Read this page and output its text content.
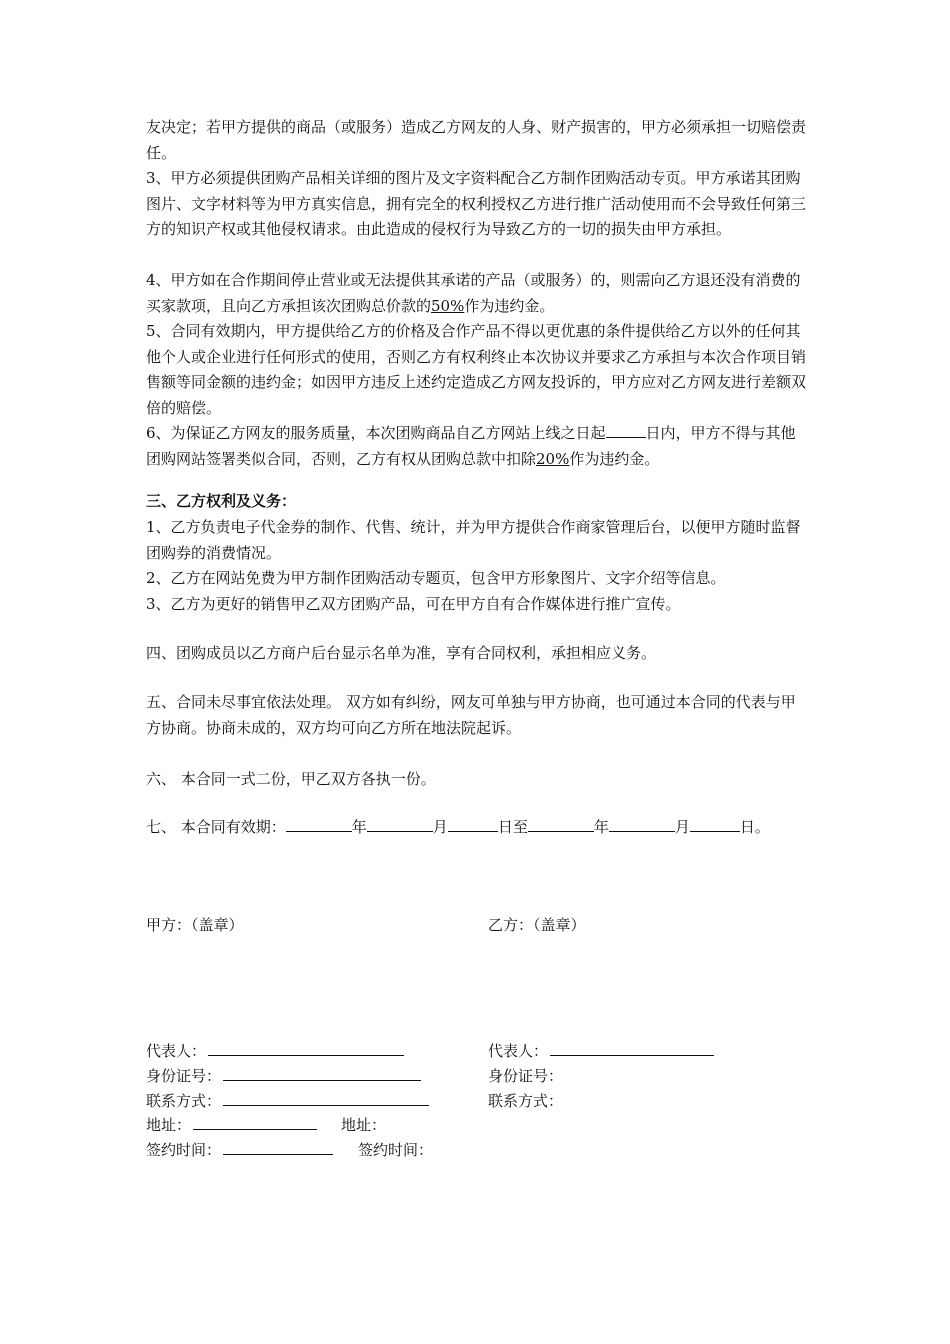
友决定；若甲方提供的商品（或服务）造成乙方网友的人身、财产损害的，甲方必须承担一切赔偿责任。

3、甲方必须提供团购产品相关详细的图片及文字资料配合乙方制作团购活动专页。甲方承诺其团购图片、文字材料等为甲方真实信息，拥有完全的权利授权乙方进行推广活动使用而不会导致任何第三方的知识产权或其他侵权请求。由此造成的侵权行为导致乙方的一切的损失由甲方承担。

4、甲方如在合作期间停止营业或无法提供其承诺的产品（或服务）的，则需向乙方退还没有消费的买家款项，且向乙方承担该次团购总价款的50%作为违约金。

5、合同有效期内，甲方提供给乙方的价格及合作产品不得以更优惠的条件提供给乙方以外的任何其他个人或企业进行任何形式的使用，否则乙方有权利终止本次协议并要求乙方承担与本次合作项目销售额等同金额的违约金；如因甲方违反上述约定造成乙方网友投诉的，甲方应对乙方网友进行差额双倍的赔偿。

6、为保证乙方网友的服务质量，本次团购商品自乙方网站上线之日起	日内，甲方不得与其他团购网站签署类似合同，否则，乙方有权从团购总款中扣除20%作为违约金。

三、乙方权利及义务：

1、乙方负责电子代金券的制作、代售、统计，并为甲方提供合作商家管理后台，以便甲方随时监督团购券的消费情况。

2、乙方在网站免费为甲方制作团购活动专题页，包含甲方形象图片、文字介绍等信息。

3、乙方为更好的销售甲乙双方团购产品，可在甲方自有合作媒体进行推广宣传。

四、团购成员以乙方商户后台显示名单为准，享有合同权利，承担相应义务。

五、合同未尽事宜依法处理。 双方如有纠纷，网友可单独与甲方协商，也可通过本合同的代表与甲方协商。协商未成的，双方均可向乙方所在地法院起诉。

六、 本合同一式二份，甲乙双方各执一份。

七、 本合同有效期：	年	月	日至	年	月	日。

甲方：（盖章）	乙方：（盖章）
代表人：	代表人：
身份证号：	身份证号：
联系方式：	联系方式：
地址：	地址：
签约时间：	签约时间：
